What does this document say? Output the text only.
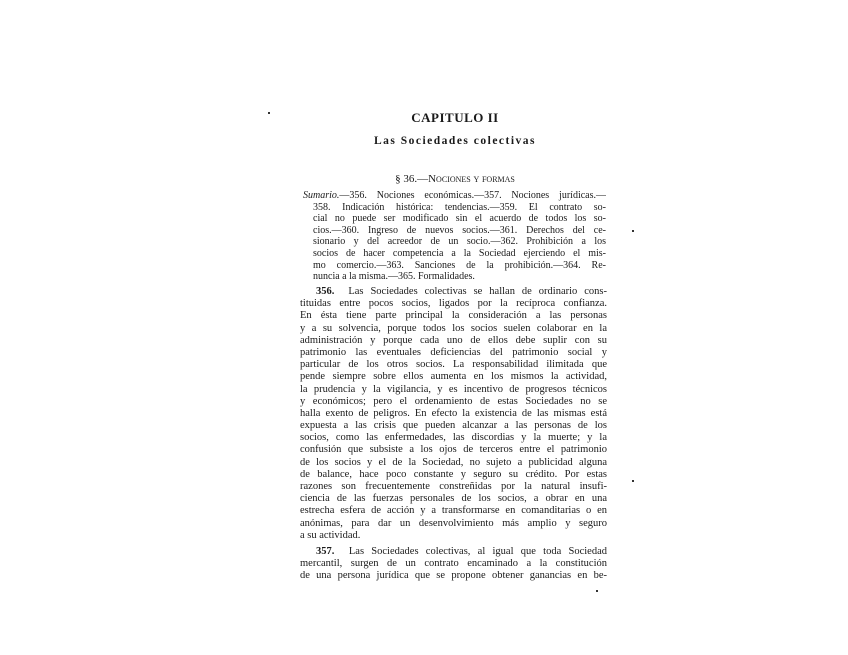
CAPITULO II
Las Sociedades colectivas
§ 36.—Nociones y formas
Sumario.—356. Nociones económicas.—357. Nociones jurídicas.—
358. Indicación histórica: tendencias.—359. El contrato so-
cial no puede ser modificado sin el acuerdo de todos los so-
cios.—360. Ingreso de nuevos socios.—361. Derechos del ce-
sionario y del acreedor de un socio.—362. Prohibición a los
socios de hacer competencia a la Sociedad ejerciendo el mis-
mo comercio.—363. Sanciones de la prohibición.—364. Re-
nuncia a la misma.—365. Formalidades.
356. Las Sociedades colectivas se hallan de ordinario cons-
tituidas entre pocos socios, ligados por la recíproca confianza.
En ésta tiene parte principal la consideración a las personas
y a su solvencia, porque todos los socios suelen colaborar en la
administración y porque cada uno de ellos debe suplir con su
patrimonio las eventuales deficiencias del patrimonio social y
particular de los otros socios. La responsabilidad ilimitada que
pende siempre sobre ellos aumenta en los mismos la actividad,
la prudencia y la vigilancia, y es incentivo de progresos técnicos
y económicos; pero el ordenamiento de estas Sociedades no se
halla exento de peligros. En efecto la existencia de las mismas está
expuesta a las crisis que pueden alcanzar a las personas de los
socios, como las enfermedades, las discordias y la muerte; y la
confusión que subsiste a los ojos de terceros entre el patrimonio
de los socios y el de la Sociedad, no sujeto a publicidad alguna
de balance, hace poco constante y seguro su crédito. Por estas
razones son frecuentemente constreñidas por la natural insufi-
ciencia de las fuerzas personales de los socios, a obrar en una
estrecha esfera de acción y a transformarse en comanditarias o en
anónimas, para dar un desenvolvimiento más amplio y seguro
a su actividad.
357. Las Sociedades colectivas, al igual que toda Sociedad
mercantil, surgen de un contrato encaminado a la constitución
de una persona jurídica que se propone obtener ganancias en be-
